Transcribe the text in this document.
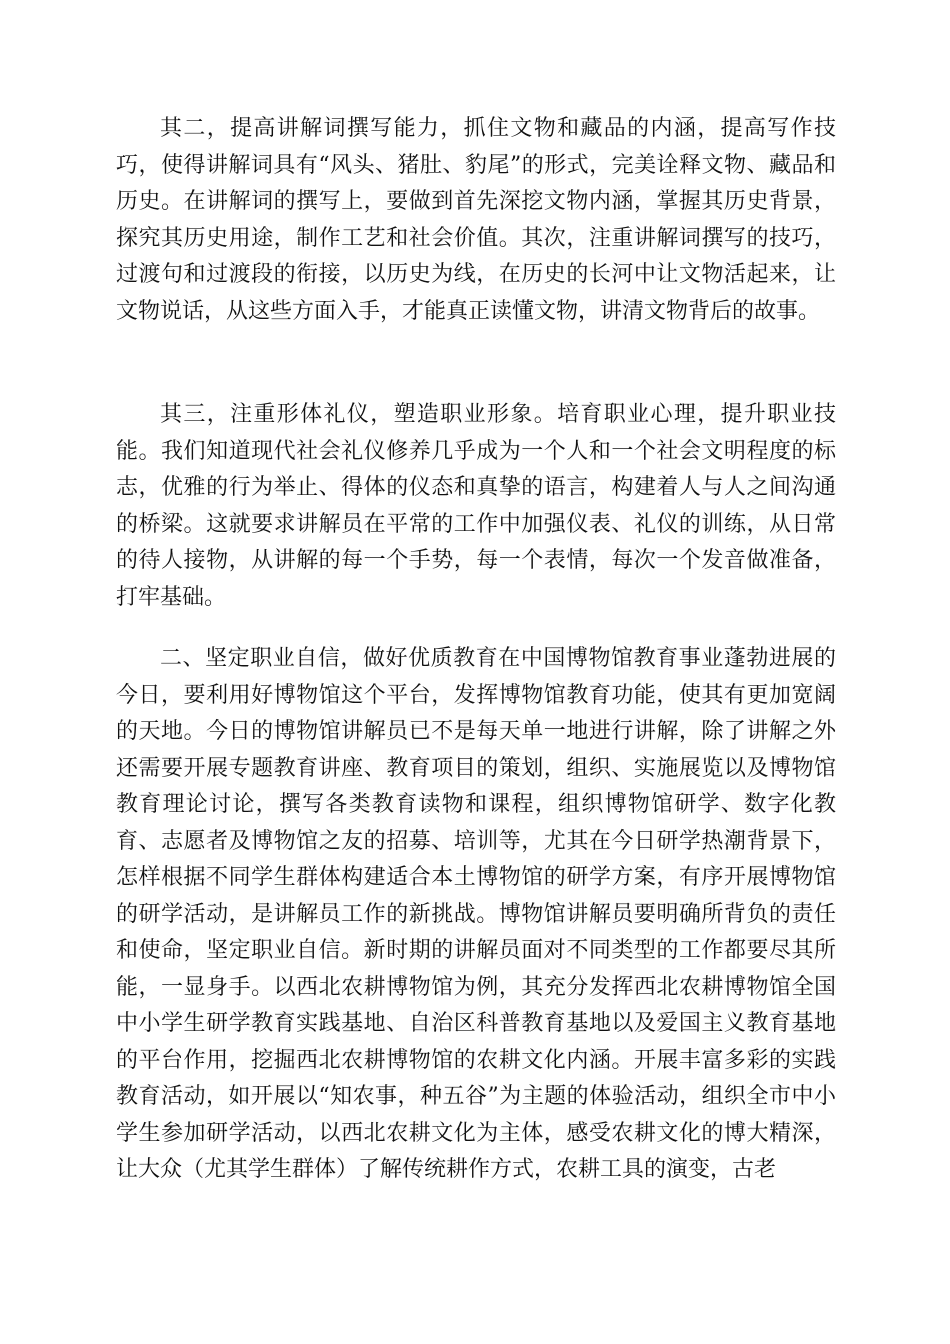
其二，提高讲解词撰写能力，抓住文物和藏品的内涵，提高写作技巧，使得讲解词具有“风头、猪肚、豹尾”的形式，完美诠释文物、藏品和历史。在讲解词的撰写上，要做到首先深挖文物内涵，掌握其历史背景，探究其历史用途，制作工艺和社会价值。其次，注重讲解词撰写的技巧，过渡句和过渡段的衔接，以历史为线，在历史的长河中让文物活起来，让文物说话，从这些方面入手，才能真正读懂文物，讲清文物背后的故事。

其三，注重形体礼仪，塑造职业形象。培育职业心理，提升职业技能。我们知道现代社会礼仪修养几乎成为一个人和一个社会文明程度的标志，优雅的行为举止、得体的仪态和真挚的语言，构建着人与人之间沟通的桥梁。这就要求讲解员在平常的工作中加强仪表、礼仪的训练，从日常的待人接物，从讲解的每一个手势，每一个表情，每次一个发音做准备，打牢基础。

二、坚定职业自信，做好优质教育在中国博物馆教育事业蓬勃进展的今日，要利用好博物馆这个平台，发挥博物馆教育功能，使其有更加宽阔的天地。今日的博物馆讲解员已不是每天单一地进行讲解，除了讲解之外还需要开展专题教育讲座、教育项目的策划，组织、实施展览以及博物馆教育理论讨论，撰写各类教育读物和课程，组织博物馆研学、数字化教育、志愿者及博物馆之友的招募、培训等，尤其在今日研学热潮背景下，怎样根据不同学生群体构建适合本土博物馆的研学方案，有序开展博物馆的研学活动，是讲解员工作的新挑战。博物馆讲解员要明确所背负的责任和使命，坚定职业自信。新时期的讲解员面对不同类型的工作都要尽其所能，一显身手。以西北农耕博物馆为例，其充分发挥西北农耕博物馆全国中小学生研学教育实践基地、自治区科普教育基地以及爱国主义教育基地的平台作用，挖掘西北农耕博物馆的农耕文化内涵。开展丰富多彩的实践教育活动，如开展以“知农事，种五谷”为主题的体验活动，组织全市中小学生参加研学活动，以西北农耕文化为主体，感受农耕文化的博大精深，让大众（尤其学生群体）了解传统耕作方式，农耕工具的演变，古老
